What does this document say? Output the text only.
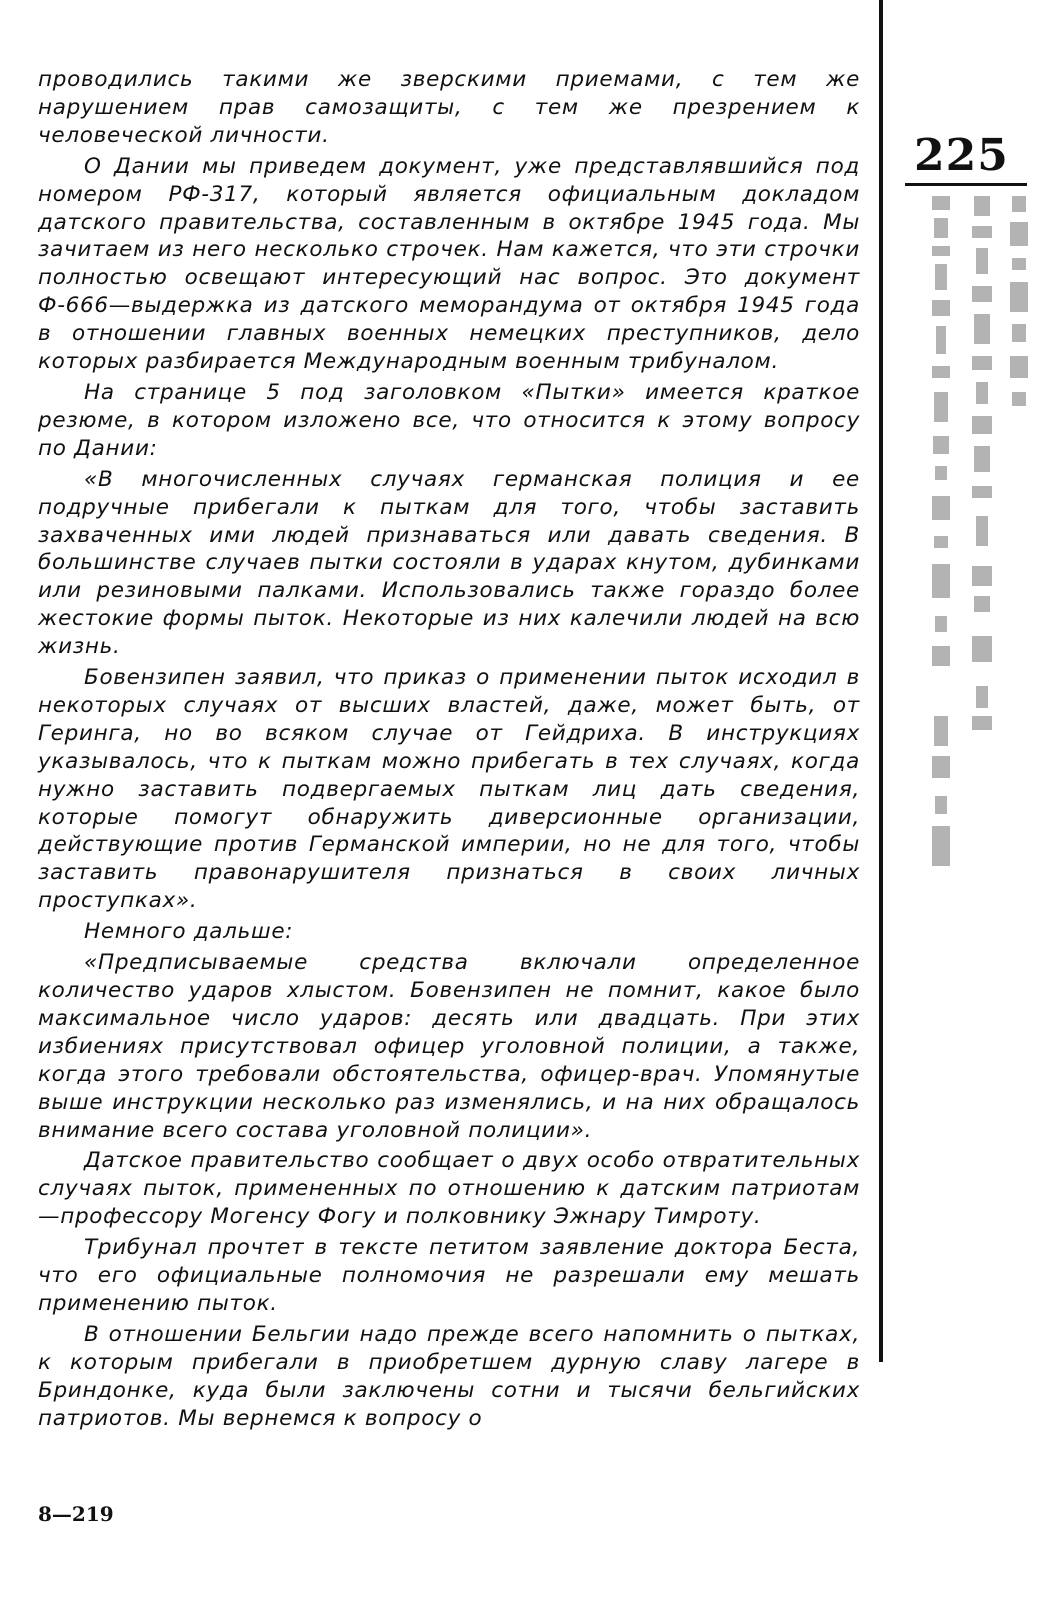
проводились такими же зверскими приемами, с тем же нарушением прав самозащиты, с тем же презрением к человеческой личности.

О Дании мы приведем документ, уже представлявшийся под номером РФ-317, который является официальным докладом датского правительства, составленным в октябре 1945 года. Мы зачитаем из него несколько строчек. Нам кажется, что эти строчки полностью освещают интересующий нас вопрос. Это документ Ф-666—выдержка из датского меморандума от октября 1945 года в отношении главных военных немецких преступников, дело которых разбирается Международным военным трибуналом.

На странице 5 под заголовком «Пытки» имеется краткое резюме, в котором изложено все, что относится к этому вопросу по Дании:

«В многочисленных случаях германская полиция и ее подручные прибегали к пыткам для того, чтобы заставить захваченных ими людей признаваться или давать сведения. В большинстве случаев пытки состояли в ударах кнутом, дубинками или резиновыми палками. Использовались также гораздо более жестокие формы пыток. Некоторые из них калечили людей на всю жизнь.

Бовензипен заявил, что приказ о применении пыток исходил в некоторых случаях от высших властей, даже, может быть, от Геринга, но во всяком случае от Гейдриха. В инструкциях указывалось, что к пыткам можно прибегать в тех случаях, когда нужно заставить подвергаемых пыткам лиц дать сведения, которые помогут обнаружить диверсионные организации, действующие против Германской империи, но не для того, чтобы заставить правонарушителя признаться в своих личных проступках».

Немного дальше:

«Предписываемые средства включали определенное количество ударов хлыстом. Бовензипен не помнит, какое было максимальное число ударов: десять или двадцать. При этих избиениях присутствовал офицер уголовной полиции, а также, когда этого требовали обстоятельства, офицер-врач. Упомянутые выше инструкции несколько раз изменялись, и на них обращалось внимание всего состава уголовной полиции».

Датское правительство сообщает о двух особо отвратительных случаях пыток, примененных по отношению к датским патриотам—профессору Могенсу Фогу и полковнику Эжнару Тимроту.

Трибунал прочтет в тексте петитом заявление доктора Беста, что его официальные полномочия не разрешали ему мешать применению пыток.

В отношении Бельгии надо прежде всего напомнить о пытках, к которым прибегали в приобретшем дурную славу лагере в Бриндонке, куда были заключены сотни и тысячи бельгийских патриотов. Мы вернемся к вопросу о

225
8—219
